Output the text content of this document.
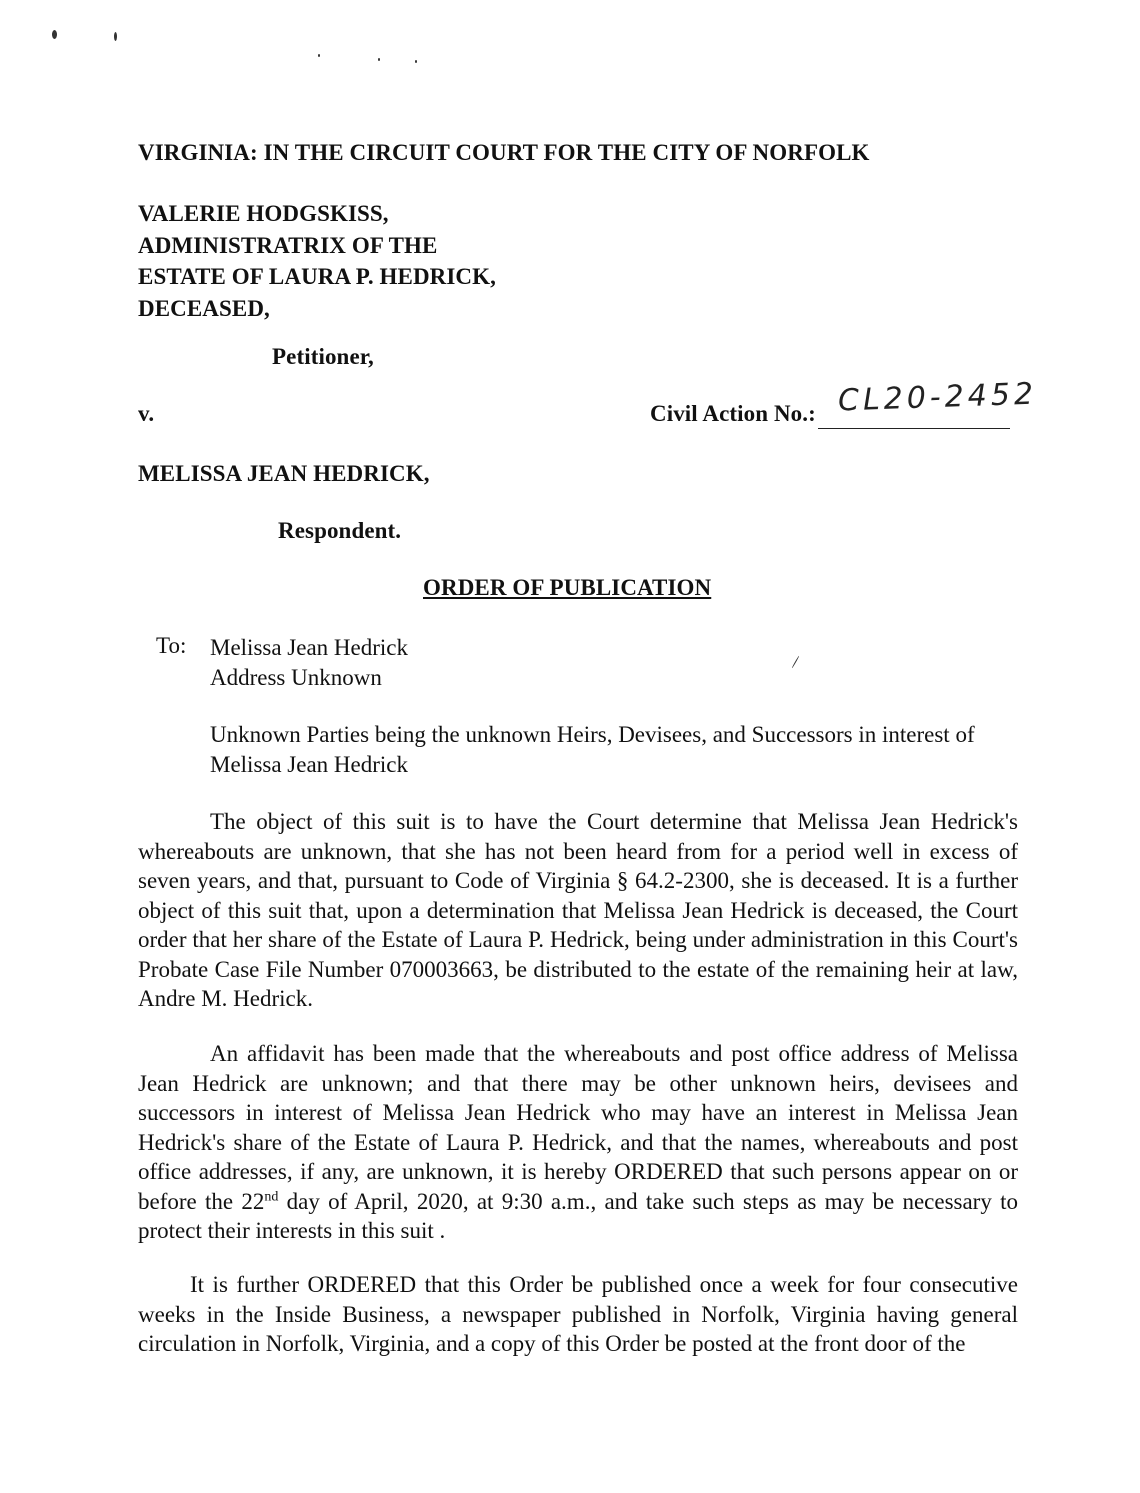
VIRGINIA: IN THE CIRCUIT COURT FOR THE CITY OF NORFOLK
VALERIE HODGSKISS,
ADMINISTRATRIX OF THE
ESTATE OF LAURA P. HEDRICK,
DECEASED,
Petitioner,
v.	Civil Action No.: CL20-2452
MELISSA JEAN HEDRICK,
Respondent.
ORDER OF PUBLICATION
To: Melissa Jean Hedrick
Address Unknown
Unknown Parties being the unknown Heirs, Devisees, and Successors in interest of Melissa Jean Hedrick
The object of this suit is to have the Court determine that Melissa Jean Hedrick's whereabouts are unknown, that she has not been heard from for a period well in excess of seven years, and that, pursuant to Code of Virginia § 64.2-2300, she is deceased. It is a further object of this suit that, upon a determination that Melissa Jean Hedrick is deceased, the Court order that her share of the Estate of Laura P. Hedrick, being under administration in this Court's Probate Case File Number 070003663, be distributed to the estate of the remaining heir at law, Andre M. Hedrick.
An affidavit has been made that the whereabouts and post office address of Melissa Jean Hedrick are unknown; and that there may be other unknown heirs, devisees and successors in interest of Melissa Jean Hedrick who may have an interest in Melissa Jean Hedrick's share of the Estate of Laura P. Hedrick, and that the names, whereabouts and post office addresses, if any, are unknown, it is hereby ORDERED that such persons appear on or before the 22nd day of April, 2020, at 9:30 a.m., and take such steps as may be necessary to protect their interests in this suit .
It is further ORDERED that this Order be published once a week for four consecutive weeks in the Inside Business, a newspaper published in Norfolk, Virginia having general circulation in Norfolk, Virginia, and a copy of this Order be posted at the front door of the
